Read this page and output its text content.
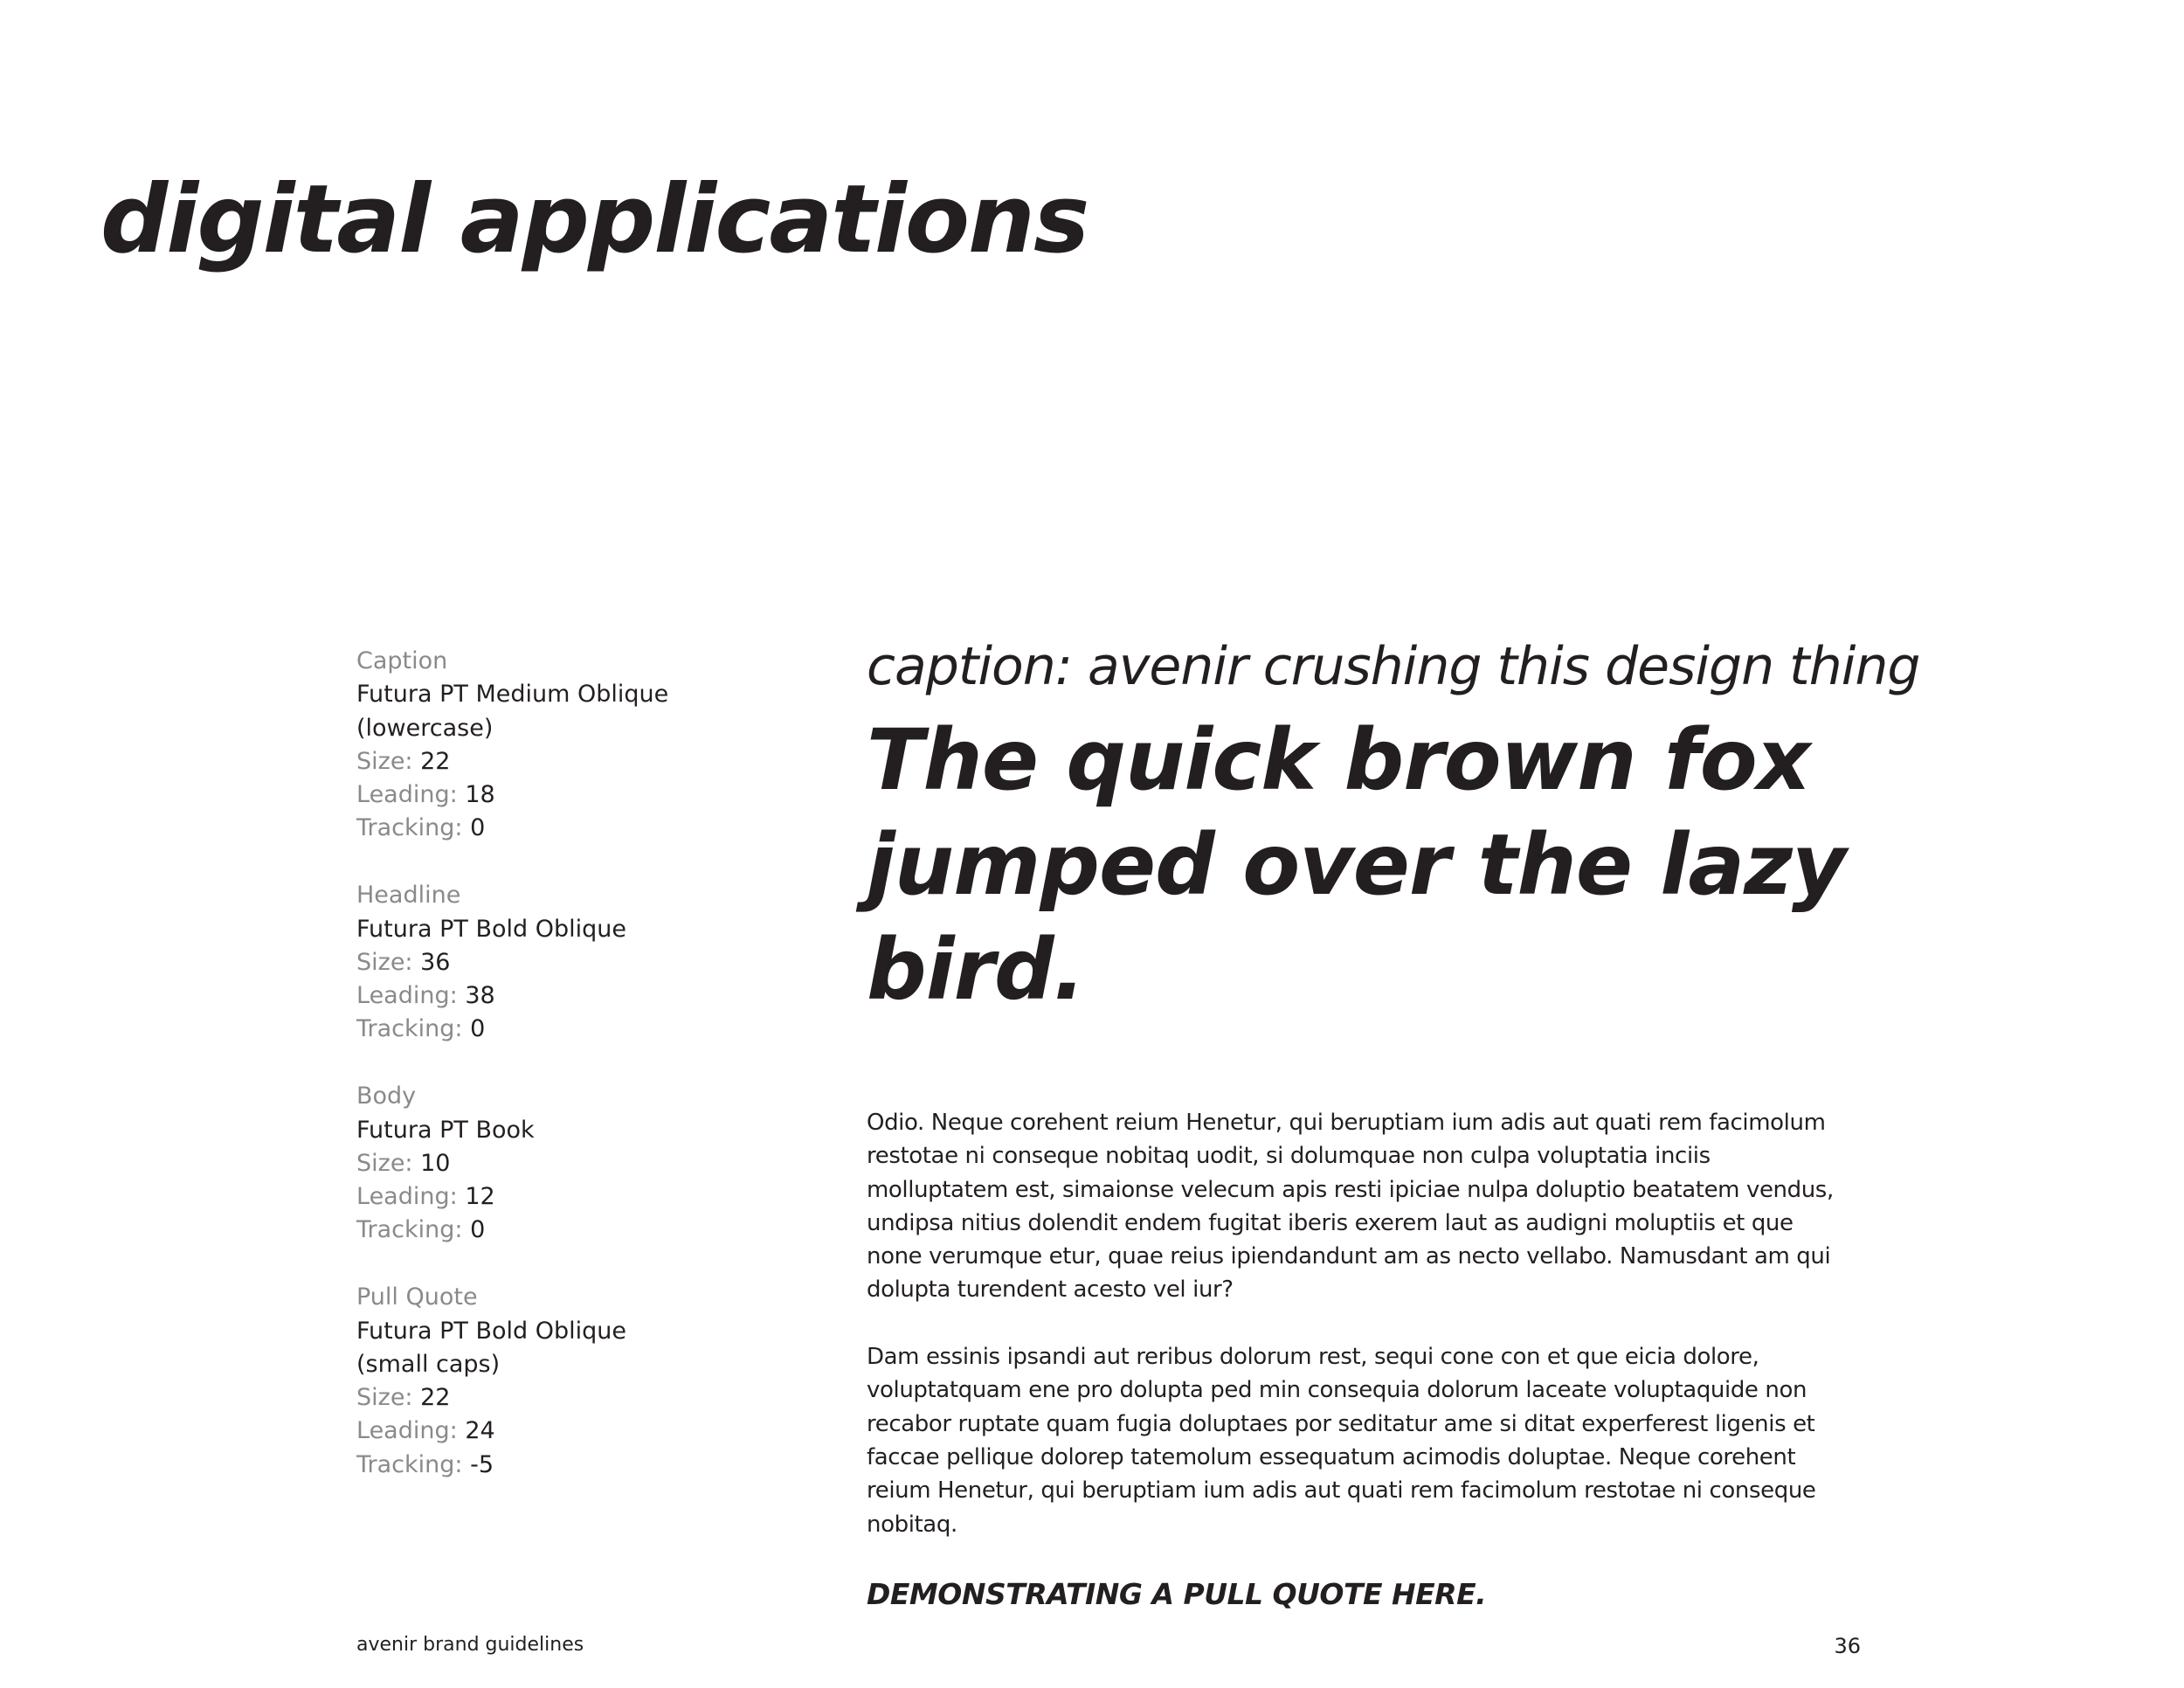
digital applications
Caption
Futura PT Medium Oblique
(lowercase)
Size: 22
Leading: 18
Tracking: 0
Headline
Futura PT Bold Oblique
Size: 36
Leading: 38
Tracking: 0
Body
Futura PT Book
Size: 10
Leading: 12
Tracking: 0
Pull Quote
Futura PT Bold Oblique
(small caps)
Size: 22
Leading: 24
Tracking: -5

caption: avenir crushing this design thing

The quick brown fox jumped over the lazy bird.

Odio. Neque corehent reium Henetur, qui beruptiam ium adis aut quati rem facimolum restotae ni conseque nobitaq uodit, si dolumquae non culpa voluptatia inciis molluptatem est, simaionse velecum apis resti ipiciae nulpa doluptio beatatem vendus, undipsa nitius dolendit endem fugitat iberis exerem laut as audigni moluptiis et que none verumque etur, quae reius ipiendandunt am as necto vellabo. Namusdant am qui dolupta turendent acesto vel iur?

Dam essinis ipsandi aut reribus dolorum rest, sequi cone con et que eicia dolore, voluptatquam ene pro dolupta ped min consequia dolorum laceate voluptaquide non recabor ruptate quam fugia doluptaes por seditatur ame si ditat experferest ligenis et faccae pellique dolorep tatemolum essequatum acimodis doluptae. Neque corehent reium Henetur, qui beruptiam ium adis aut quati rem facimolum restotae ni conseque nobitaq.

DEMONSTRATING A PULL QUOTE HERE.

avenir brand guidelines	36
